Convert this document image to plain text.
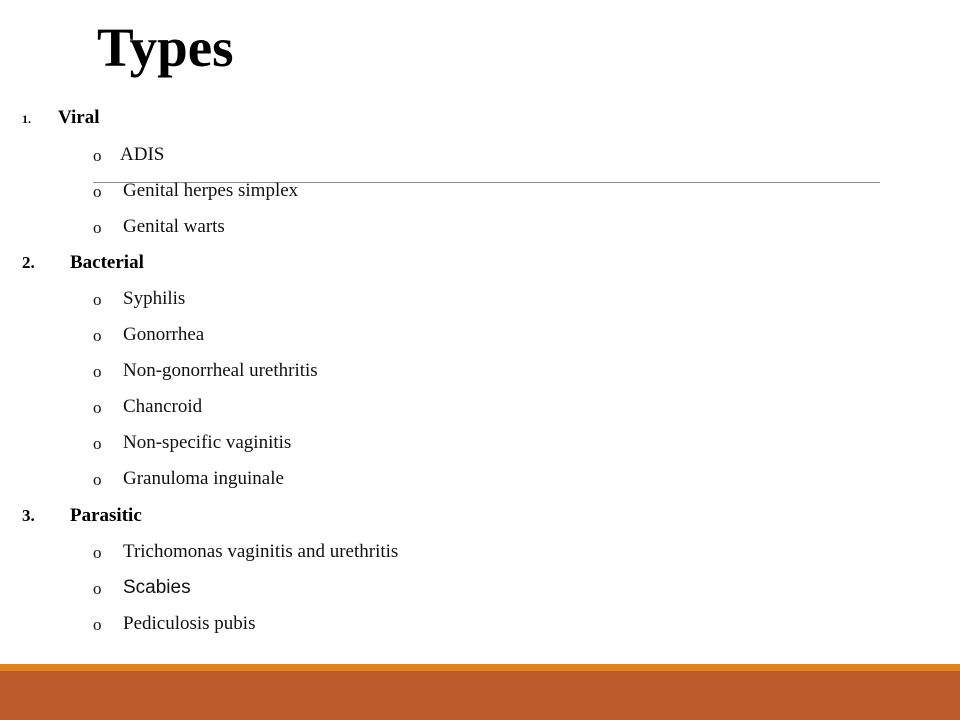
Types
1. Viral
o ADIS
o Genital herpes simplex
o Genital warts
2. Bacterial
o Syphilis
o Gonorrhea
o Non-gonorrheal urethritis
o Chancroid
o Non-specific vaginitis
o Granuloma inguinale
3. Parasitic
o Trichomonas vaginitis and urethritis
o Scabies
o Pediculosis pubis
